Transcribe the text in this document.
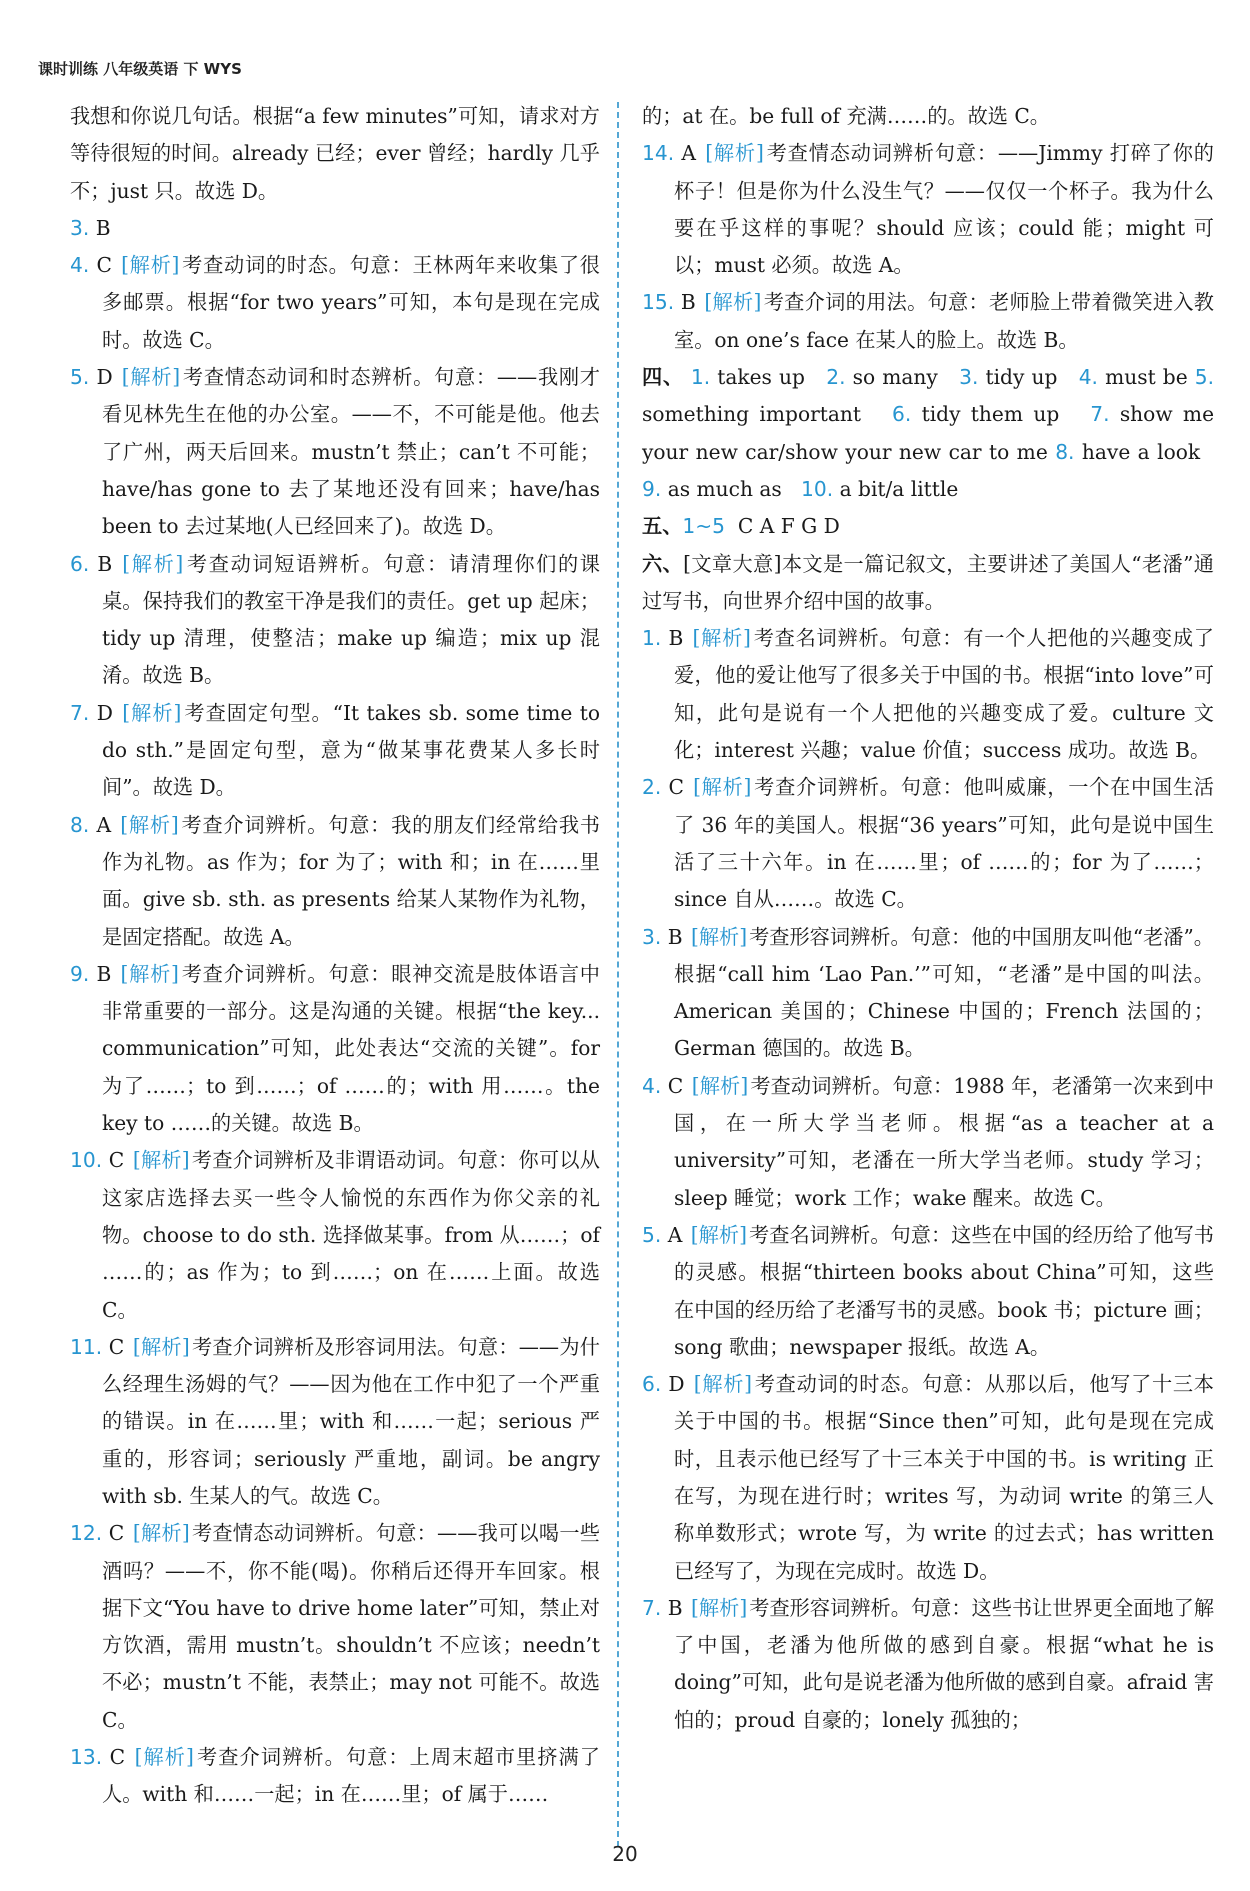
课时训练 八年级英语 下 WYS

我想和你说几句话。根据“a few minutes”可知，请求对方等待很短的时间。already 已经；ever 曾经；hardly 几乎不；just 只。故选 D。

3. B

4. C [解析]考查动词的时态。句意：王林两年来收集了很多邮票。根据“for two years”可知，本句是现在完成时。故选 C。

5. D [解析]考查情态动词和时态辨析。句意：——我刚才看见林先生在他的办公室。——不，不可能是他。他去了广州，两天后回来。mustn’t 禁止；can’t 不可能；have/has gone to 去了某地还没有回来；have/has been to 去过某地(人已经回来了)。故选 D。

6. B [解析]考查动词短语辨析。句意：请清理你们的课桌。保持我们的教室干净是我们的责任。get up 起床；tidy up 清理，使整洁；make up 编造；mix up 混淆。故选 B。

7. D [解析]考查固定句型。“It takes sb. some time to do sth.”是固定句型，意为“做某事花费某人多长时间”。故选 D。

8. A [解析]考查介词辨析。句意：我的朋友们经常给我书作为礼物。as 作为；for 为了；with 和；in 在……里面。give sb. sth. as presents 给某人某物作为礼物，是固定搭配。故选 A。

9. B [解析]考查介词辨析。句意：眼神交流是肢体语言中非常重要的一部分。这是沟通的关键。根据“the key... communication”可知，此处表达“交流的关键”。for 为了……；to 到……；of ……的；with 用……。the key to ……的关键。故选 B。

10. C [解析]考查介词辨析及非谓语动词。句意：你可以从这家店选择去买一些令人愉悦的东西作为你父亲的礼物。choose to do sth. 选择做某事。from 从……；of ……的；as 作为；to 到……；on 在……上面。故选 C。

11. C [解析]考查介词辨析及形容词用法。句意：——为什么经理生汤姆的气？——因为他在工作中犯了一个严重的错误。in 在……里；with 和……一起；serious 严重的，形容词；seriously 严重地，副词。be angry with sb. 生某人的气。故选 C。

12. C [解析]考查情态动词辨析。句意：——我可以喝一些酒吗？——不，你不能(喝)。你稍后还得开车回家。根据下文“You have to drive home later”可知，禁止对方饮酒，需用 mustn’t。shouldn’t 不应该；needn’t 不必；mustn’t 不能，表禁止；may not 可能不。故选 C。

13. C [解析]考查介词辨析。句意：上周末超市里挤满了人。with 和……一起；in 在……里；of 属于……

的；at 在。be full of 充满……的。故选 C。

14. A [解析]考查情态动词辨析句意：——Jimmy 打碎了你的杯子！但是你为什么没生气？——仅仅一个杯子。我为什么要在乎这样的事呢？should 应该；could 能；might 可以；must 必须。故选 A。

15. B [解析]考查介词的用法。句意：老师脸上带着微笑进入教室。on one’s face 在某人的脸上。故选 B。

四、 1. takes up 2. so many 3. tidy up 4. must be 5. something important 6. tidy them up 7. show me your new car/show your new car to me 8. have a look   9. as much as 10. a bit/a little

五、1~5 C A F G D

六、[文章大意]本文是一篇记叙文，主要讲述了美国人“老潘”通过写书，向世界介绍中国的故事。

1. B [解析]考查名词辨析。句意：有一个人把他的兴趣变成了爱，他的爱让他写了很多关于中国的书。根据“into love”可知，此句是说有一个人把他的兴趣变成了爱。culture 文化；interest 兴趣；value 价值；success 成功。故选 B。

2. C [解析]考查介词辨析。句意：他叫威廉，一个在中国生活了 36 年的美国人。根据“36 years”可知，此句是说中国生活了三十六年。in 在……里；of ……的；for 为了……；since 自从……。故选 C。

3. B [解析]考查形容词辨析。句意：他的中国朋友叫他“老潘”。根据“call him ‘Lao Pan.’”可知，“老潘”是中国的叫法。American 美国的；Chinese 中国的；French 法国的；German 德国的。故选 B。

4. C [解析]考查动词辨析。句意：1988 年，老潘第一次来到中国，在一所大学当老师。根据“as a teacher at a university”可知，老潘在一所大学当老师。study 学习；sleep 睡觉；work 工作；wake 醒来。故选 C。

5. A [解析]考查名词辨析。句意：这些在中国的经历给了他写书的灵感。根据“thirteen books about China”可知，这些在中国的经历给了老潘写书的灵感。book 书；picture 画；song 歌曲；newspaper 报纸。故选 A。

6. D [解析]考查动词的时态。句意：从那以后，他写了十三本关于中国的书。根据“Since then”可知，此句是现在完成时，且表示他已经写了十三本关于中国的书。is writing 正在写，为现在进行时；writes 写，为动词 write 的第三人称单数形式；wrote 写，为 write 的过去式；has written 已经写了，为现在完成时。故选 D。

7. B [解析]考查形容词辨析。句意：这些书让世界更全面地了解了中国，老潘为他所做的感到自豪。根据“what he is doing”可知，此句是说老潘为他所做的感到自豪。afraid 害怕的；proud 自豪的；lonely 孤独的；

20
